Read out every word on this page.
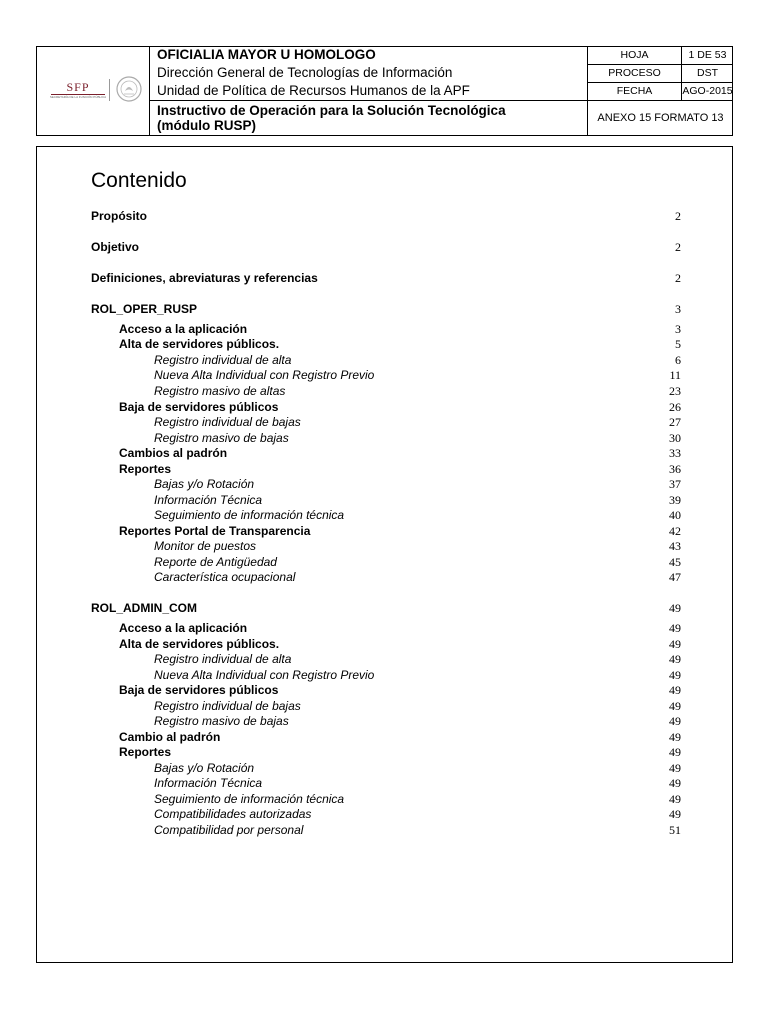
SFP
SECRETARÍA DE LA FUNCIÓN PÚBLICA
OFICIALIA MAYOR U HOMOLOGO
Dirección General de Tecnologías de Información
Unidad de Política de Recursos Humanos de la APF
Instructivo de Operación para la Solución Tecnológica
(módulo RUSP)
HOJA	1 DE 53
PROCESO	DST
FECHA	AGO-2015
ANEXO 15 FORMATO 13
Contenido
Propósito	2
Objetivo	2
Definiciones, abreviaturas y referencias	2
ROL_OPER_RUSP	3
Acceso a la aplicación	3
Alta de servidores públicos.	5
Registro individual de alta	6
Nueva Alta Individual con Registro Previo	11
Registro masivo de altas	23
Baja de servidores públicos	26
Registro individual de bajas	27
Registro masivo de bajas	30
Cambios al padrón	33
Reportes	36
Bajas y/o Rotación	37
Información Técnica	39
Seguimiento de información técnica	40
Reportes Portal de Transparencia	42
Monitor de puestos	43
Reporte de Antigüedad	45
Característica ocupacional	47
ROL_ADMIN_COM	49
Acceso a la aplicación	49
Alta de servidores públicos.	49
Registro individual de alta	49
Nueva Alta Individual con Registro Previo	49
Baja de servidores públicos	49
Registro individual de bajas	49
Registro masivo de bajas	49
Cambio al padrón	49
Reportes	49
Bajas y/o Rotación	49
Información Técnica	49
Seguimiento de información técnica	49
Compatibilidades autorizadas	49
Compatibilidad por personal	51
